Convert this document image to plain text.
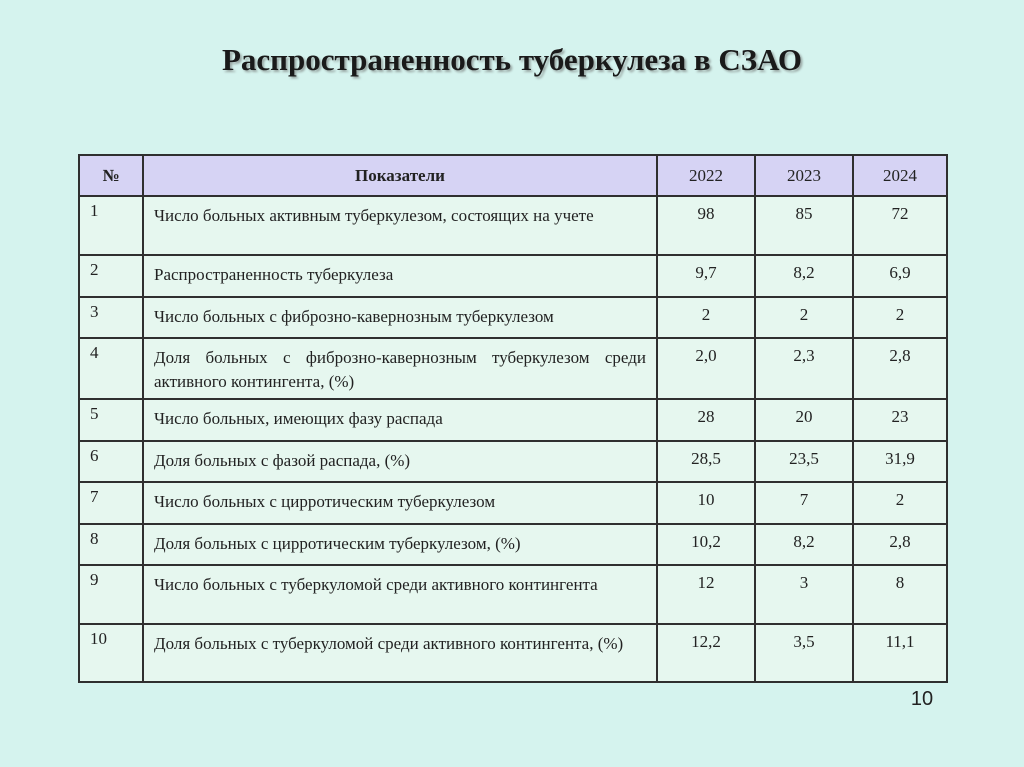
Распространенность туберкулеза в СЗАО
№	Показатели	2022	2023	2024
1	Число больных активным туберкулезом, состоящих на учете	98	85	72
2	Распространенность туберкулеза	9,7	8,2	6,9
3	Число больных с фиброзно-кавернозным туберкулезом	2	2	2
4	Доля больных с фиброзно-кавернозным туберкулезом среди активного контингента, (%)	2,0	2,3	2,8
5	Число больных, имеющих фазу распада	28	20	23
6	Доля больных с фазой распада, (%)	28,5	23,5	31,9
7	Число больных с цирротическим туберкулезом	10	7	2
8	Доля больных с цирротическим туберкулезом, (%)	10,2	8,2	2,8
9	Число больных с туберкуломой среди активного контингента	12	3	8
10	Доля больных с туберкуломой среди активного контингента, (%)	12,2	3,5	11,1
10
